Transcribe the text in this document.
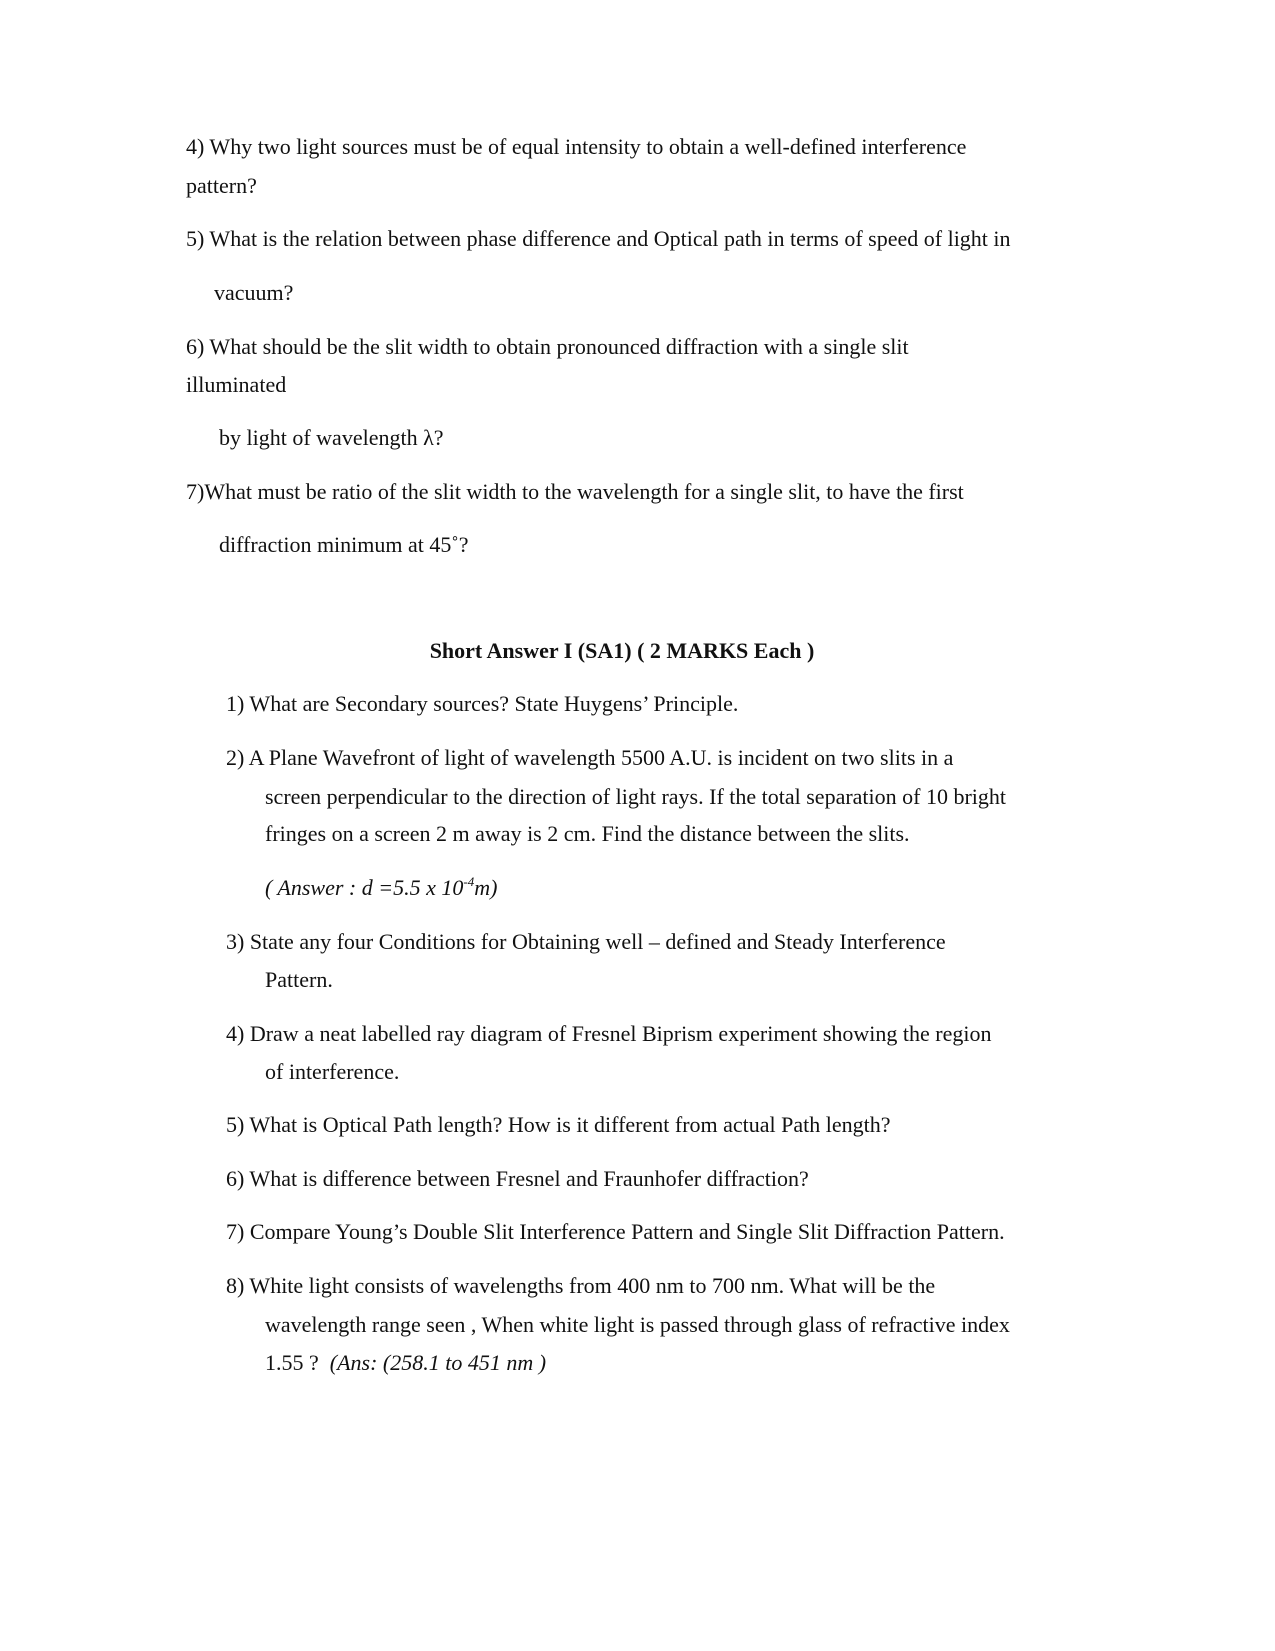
4) Why two light sources must be of equal intensity to obtain a well-defined interference
pattern?
5) What is the relation between phase difference and Optical path in terms of speed of light in
vacuum?
6) What should be the slit width to obtain pronounced diffraction with a single slit
illuminated
by light of wavelength λ?
7)What must be ratio of the slit width to the wavelength for a single slit, to have the first
diffraction minimum at 45˚?
Short Answer I (SA1) ( 2 MARKS Each )
1) What are Secondary sources? State Huygens’ Principle.
2) A Plane Wavefront of light of wavelength 5500 A.U. is incident on two slits in a
screen perpendicular to the direction of light rays. If the total separation of 10 bright
fringes on a screen 2 m away is 2 cm. Find the distance between the slits.
( Answer : d =5.5 x $10^{-4}m$)
3) State any four Conditions for Obtaining well – defined and Steady Interference
Pattern.
4) Draw a neat labelled ray diagram of Fresnel Biprism experiment showing the region
of interference.
5) What is Optical Path length? How is it different from actual Path length?
6) What is difference between Fresnel and Fraunhofer diffraction?
7) Compare Young’s Double Slit Interference Pattern and Single Slit Diffraction Pattern.
8) White light consists of wavelengths from 400 nm to 700 nm. What will be the
wavelength range seen , When white light is passed through glass of refractive index
1.55 ?  (Ans: (258.1 to 451 nm )
